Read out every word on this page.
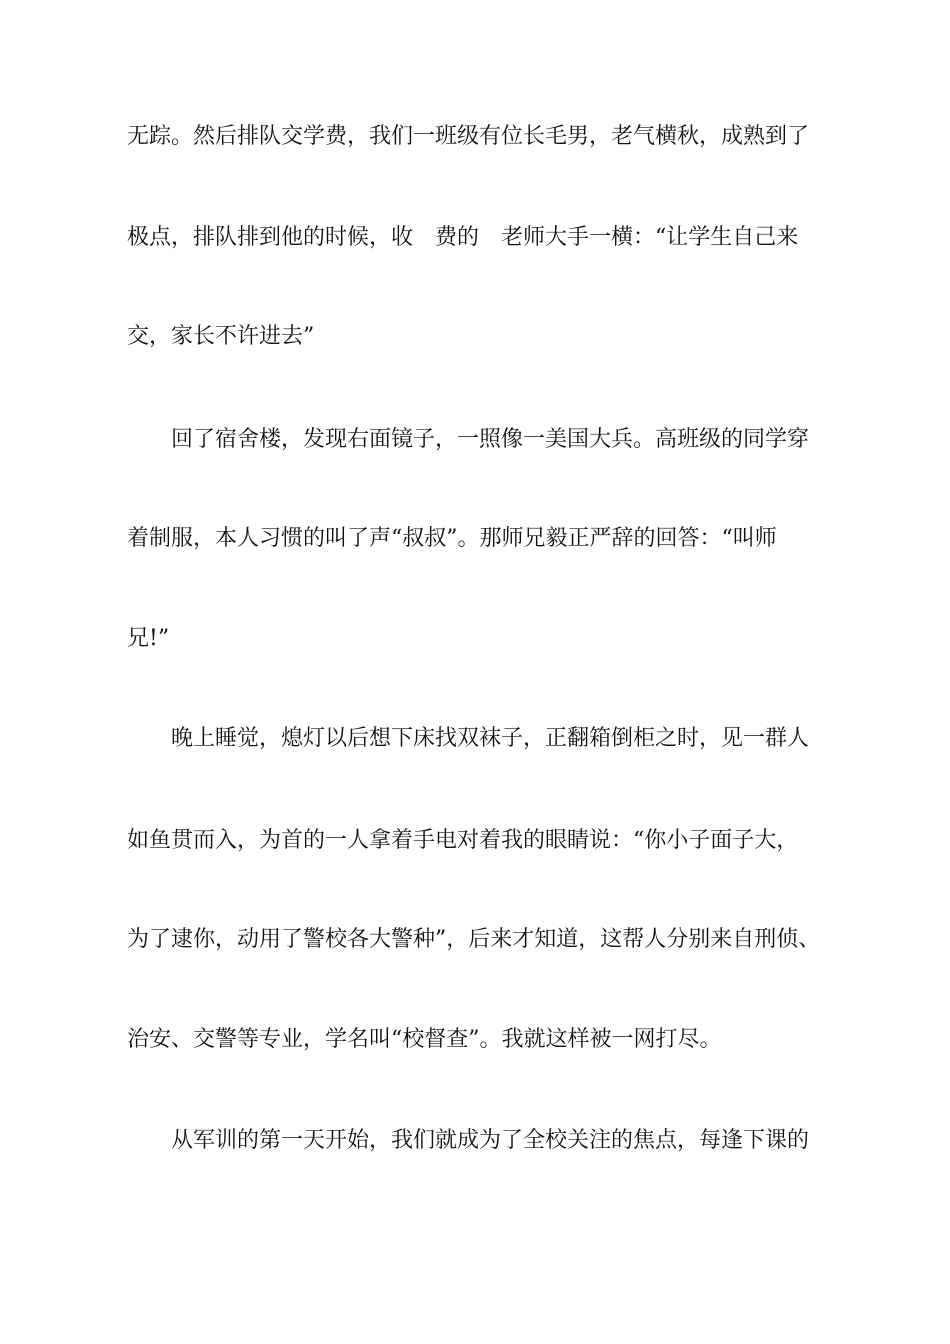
无踪。然后排队交学费，我们一班级有位长毛男，老气横秋，成熟到了

极点，排队排到他的时候，收　费的　老师大手一横：“让学生自己来

交，家长不许进去”

　　回了宿舍楼，发现右面镜子，一照像一美国大兵。高班级的同学穿

着制服，本人习惯的叫了声“叔叔”。那师兄毅正严辞的回答：“叫师

兄!”

　　晚上睡觉，熄灯以后想下床找双袜子，正翻箱倒柜之时，见一群人

如鱼贯而入，为首的一人拿着手电对着我的眼睛说：“你小子面子大，

为了逮你，动用了警校各大警种”，后来才知道，这帮人分别来自刑侦、

治安、交警等专业，学名叫“校督查”。我就这样被一网打尽。

　　从军训的第一天开始，我们就成为了全校关注的焦点，每逢下课的
